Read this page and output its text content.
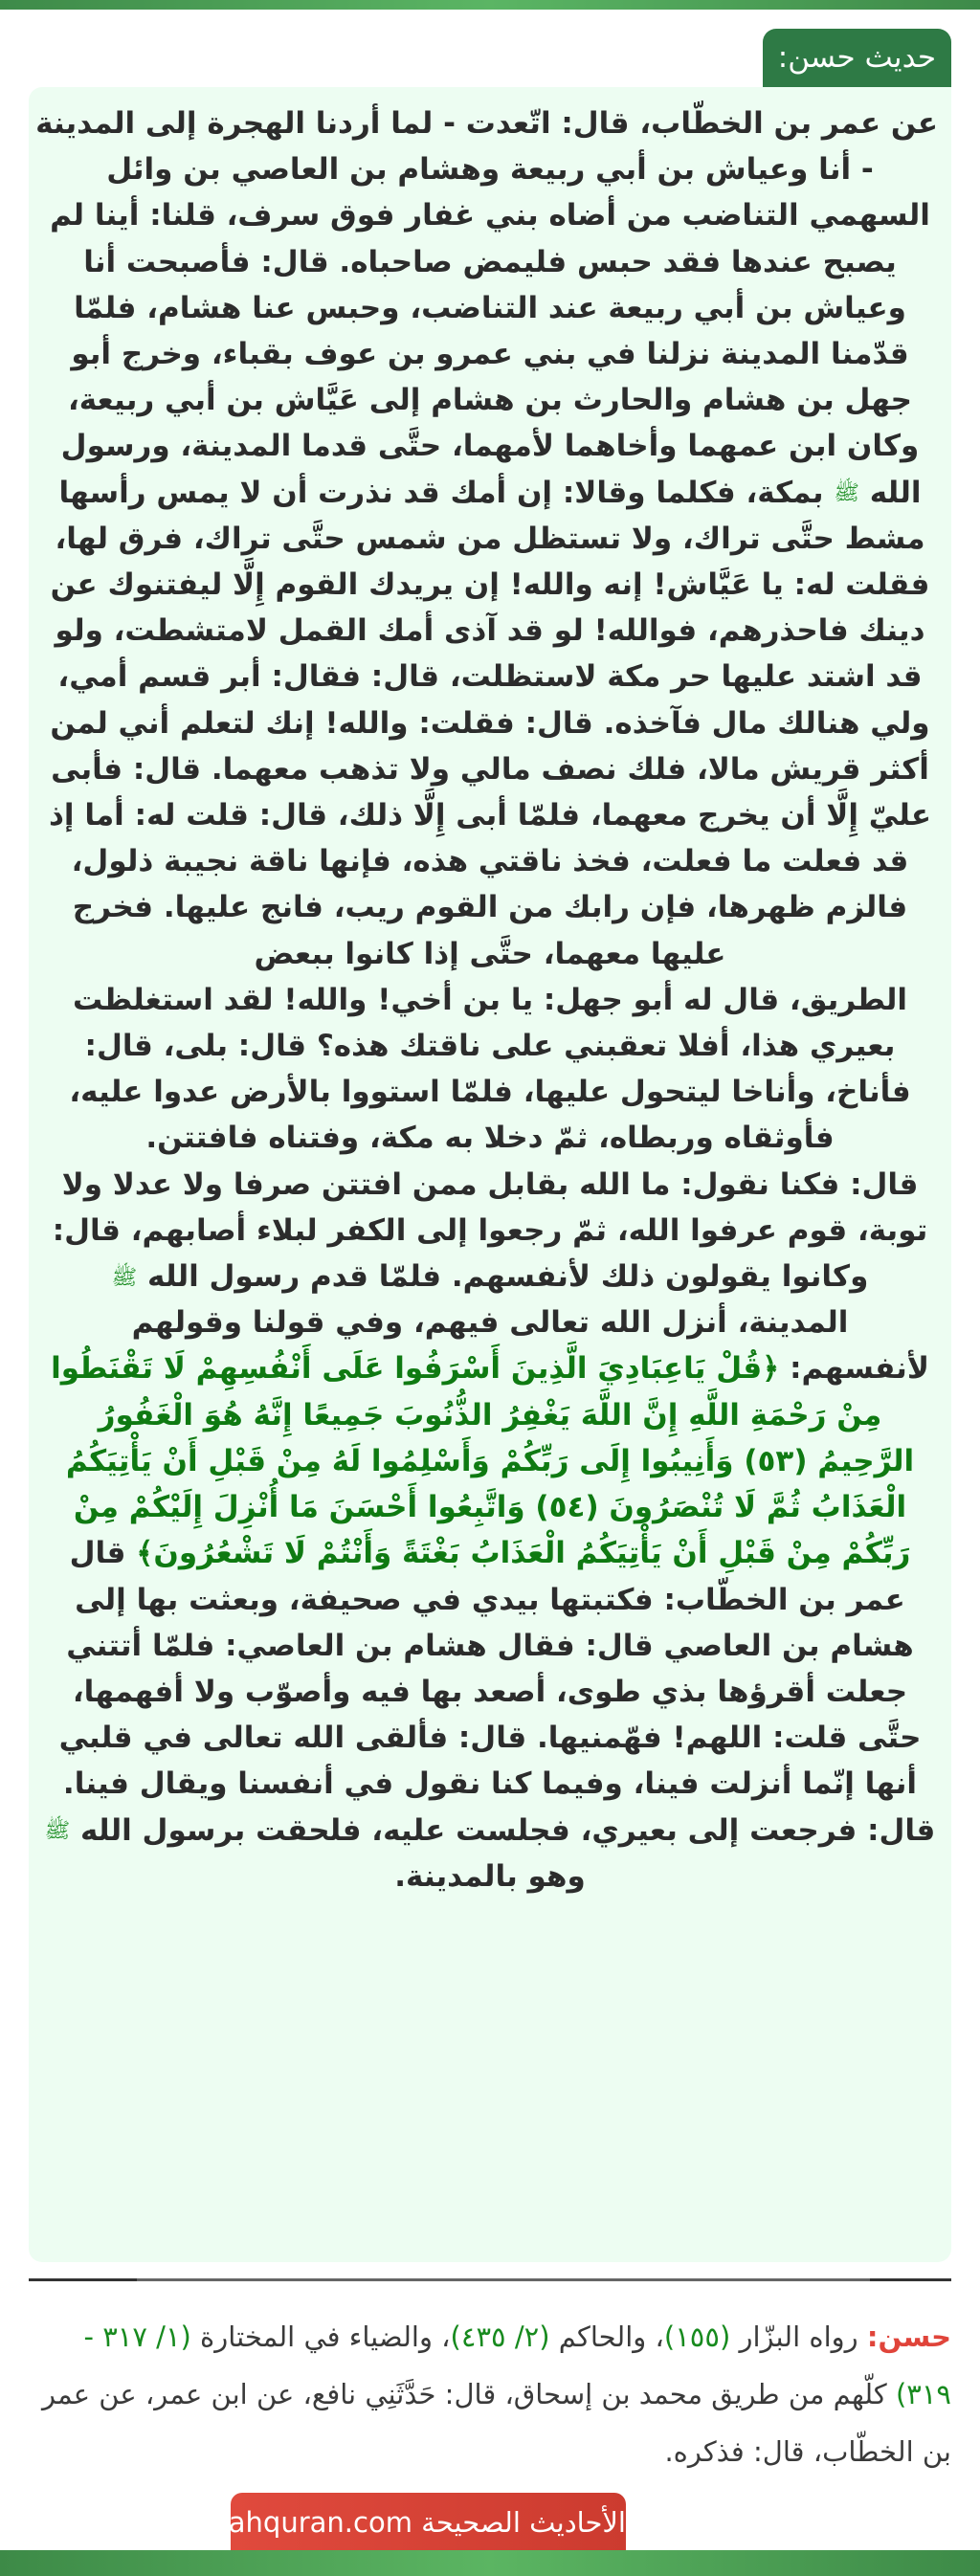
حديث حسن:
عن عمر بن الخطّاب، قال: اتّعدت - لما أردنا الهجرة إلى المدينة
- أنا وعياش بن أبي ربيعة وهشام بن العاصي بن وائل
السهمي التناضب من أضاه بني غفار فوق سرف، قلنا: أينا لم
يصبح عندها فقد حبس فليمض صاحباه. قال: فأصبحت أنا
وعياش بن أبي ربيعة عند التناضب، وحبس عنا هشام، فلمّا
قدّمنا المدينة نزلنا في بني عمرو بن عوف بقباء، وخرج أبو
جهل بن هشام والحارث بن هشام إلى عَيَّاش بن أبي ربيعة،
وكان ابن عمهما وأخاهما لأمهما، حتَّى قدما المدينة، ورسول
الله ﷺ بمكة، فكلما وقالا: إن أمك قد نذرت أن لا يمس رأسها
مشط حتَّى تراك، ولا تستظل من شمس حتَّى تراك، فرق لها،
فقلت له: يا عَيَّاش! إنه والله! إن يريدك القوم إِلَّا ليفتنوك عن
دينك فاحذرهم، فوالله! لو قد آذى أمك القمل لامتشطت، ولو
قد اشتد عليها حر مكة لاستظلت، قال: فقال: أبر قسم أمي،
ولي هنالك مال فآخذه. قال: فقلت: والله! إنك لتعلم أني لمن
أكثر قريش مالا، فلك نصف مالي ولا تذهب معهما. قال: فأبى
عليّ إِلَّا أن يخرج معهما، فلمّا أبى إِلَّا ذلك، قال: قلت له: أما إذ
قد فعلت ما فعلت، فخذ ناقتي هذه، فإنها ناقة نجيبة ذلول،
فالزم ظهرها، فإن رابك من القوم ريب، فانج عليها. فخرج
عليها معهما، حتَّى إذا كانوا ببعض
الطريق، قال له أبو جهل: يا بن أخي! والله! لقد استغلظت
بعيري هذا، أفلا تعقبني على ناقتك هذه؟ قال: بلى، قال:
فأناخ، وأناخا ليتحول عليها، فلمّا استووا بالأرض عدوا عليه،
فأوثقاه وربطاه، ثمّ دخلا به مكة، وفتناه فافتتن.
قال: فكنا نقول: ما الله بقابل ممن افتتن صرفا ولا عدلا ولا
توبة، قوم عرفوا الله، ثمّ رجعوا إلى الكفر لبلاء أصابهم، قال:
وكانوا يقولون ذلك لأنفسهم. فلمّا قدم رسول الله ﷺ
المدينة، أنزل الله تعالى فيهم، وفي قولنا وقولهم
لأنفسهم: ﴿قُلْ يَاعِبَادِيَ الَّذِينَ أَسْرَفُوا عَلَى أَنْفُسِهِمْ لَا تَقْنَطُوا
مِنْ رَحْمَةِ اللَّهِ إِنَّ اللَّهَ يَغْفِرُ الذُّنُوبَ جَمِيعًا إِنَّهُ هُوَ الْغَفُورُ
الرَّحِيمُ (٥٣) وَأَنِيبُوا إِلَى رَبِّكُمْ وَأَسْلِمُوا لَهُ مِنْ قَبْلِ أَنْ يَأْتِيَكُمُ
الْعَذَابُ ثُمَّ لَا تُنْصَرُونَ (٥٤) وَاتَّبِعُوا أَحْسَنَ مَا أُنْزِلَ إِلَيْكُمْ مِنْ
رَبِّكُمْ مِنْ قَبْلِ أَنْ يَأْتِيَكُمُ الْعَذَابُ بَغْتَةً وَأَنْتُمْ لَا تَشْعُرُونَ﴾ قال
عمر بن الخطّاب: فكتبتها بيدي في صحيفة، وبعثت بها إلى
هشام بن العاصي قال: فقال هشام بن العاصي: فلمّا أتتني
جعلت أقرؤها بذي طوى، أصعد بها فيه وأصوّب ولا أفهمها،
حتَّى قلت: اللهم! فهّمنيها. قال: فألقى الله تعالى في قلبي
أنها إنّما أنزلت فينا، وفيما كنا نقول في أنفسنا ويقال فينا.
قال: فرجعت إلى بعيري، فجلست عليه، فلحقت برسول الله ﷺ
وهو بالمدينة.

حسن: رواه البزّار (١٥٥)، والحاكم (٢/ ٤٣٥)، والضياء في المختارة (١/ ٣١٧ - ٣١٩) كلّهم من طريق محمد بن إسحاق، قال: حَدَّثَنِي نافع، عن ابن عمر، عن عمر بن الخطّاب، قال: فذكره.

الأحاديث الصحيحة Surahquran.com
